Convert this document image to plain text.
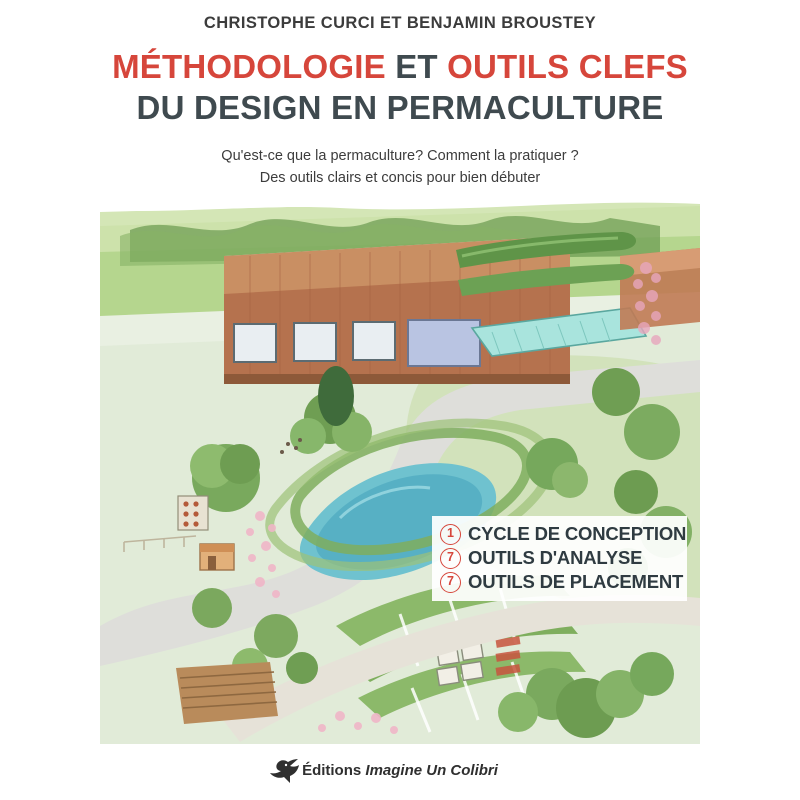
CHRISTOPHE CURCI ET BENJAMIN BROUSTEY
MÉTHODOLOGIE ET OUTILS CLEFS
DU DESIGN EN PERMACULTURE
Qu'est-ce que la permaculture? Comment la pratiquer ?
Des outils clairs et concis pour bien débuter
1 CYCLE DE CONCEPTION
7 OUTILS D'ANALYSE
7 OUTILS DE PLACEMENT
Éditions Imagine Un Colibri
